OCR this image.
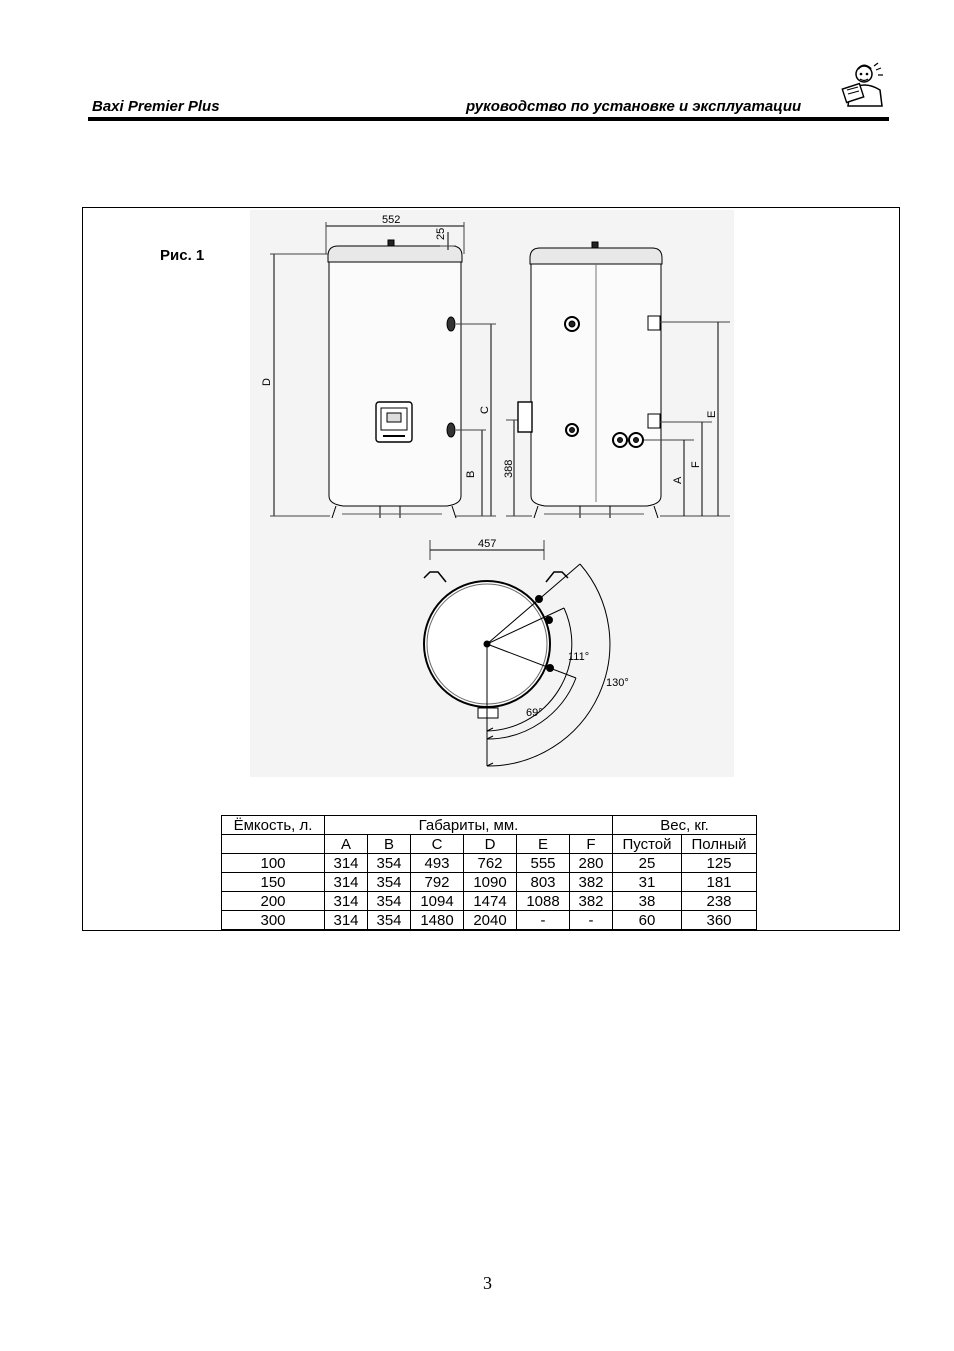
Baxi Premier Plus	руководство по установке и эксплуатации
Рис. 1
552
25
D
C
B 388
E
F
A
457
111°
130°
69°
Ёмкость, л.	Габариты, мм.						Вес, кг.	
	A	B	C	D	E	F	Пустой	Полный
100	314	354	493	762	555	280	25	125
150	314	354	792	1090	803	382	31	181
200	314	354	1094	1474	1088	382	38	238
300	314	354	1480	2040	-	-	60	360
3
